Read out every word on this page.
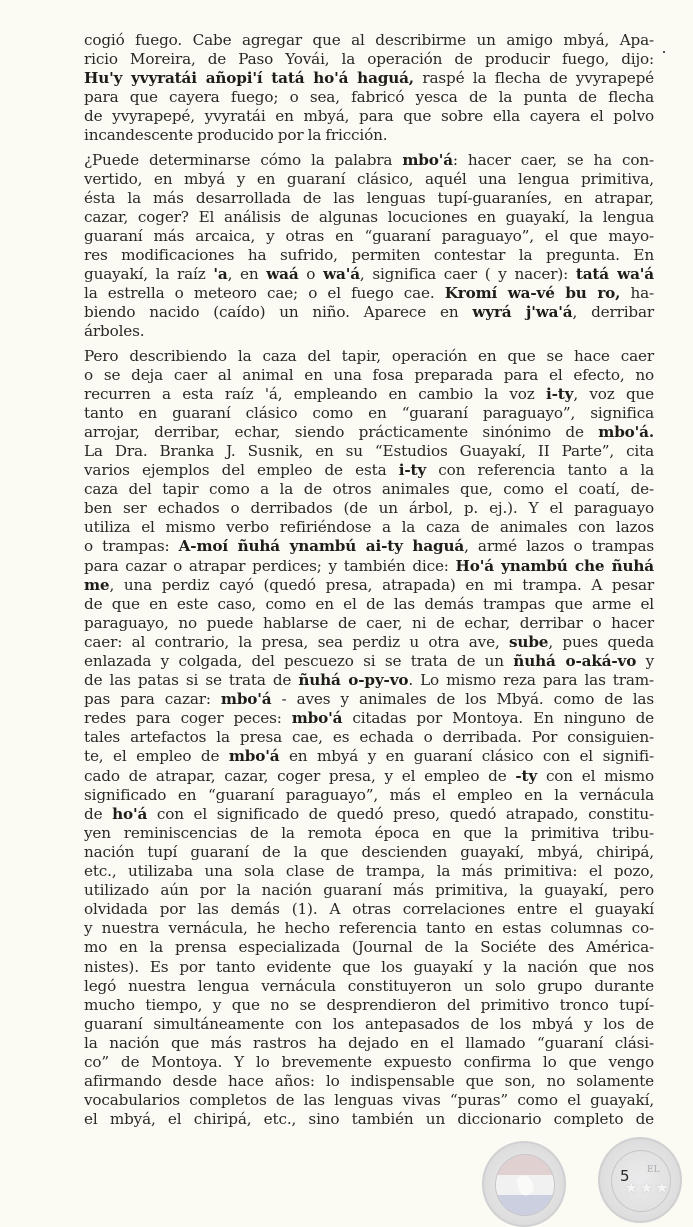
cogió fuego. Cabe agregar que al describirme un amigo mbyá, Apa-
ricio Moreira, de Paso Yovái, la operación de producir fuego, dijo:
Hu'y yvyratái añopi'í tatá ho'á haguá, raspé la flecha de yvyrapepé
para que cayera fuego; o sea, fabricó yesca de la punta de flecha
de yvyrapepé, yvyratái en mbyá, para que sobre ella cayera el polvo
incandescente producido por la fricción.
¿Puede determinarse cómo la palabra mbo'á: hacer caer, se ha con-
vertido, en mbyá y en guaraní clásico, aquél una lengua primitiva,
ésta la más desarrollada de las lenguas tupí-guaraníes, en atrapar,
cazar, coger? El análisis de algunas locuciones en guayakí, la lengua
guaraní más arcaica, y otras en “guaraní paraguayo”, el que mayo-
res modificaciones ha sufrido, permiten contestar la pregunta. En
guayakí, la raíz 'a, en waá o wa'á, significa caer ( y nacer): tatá wa'á
la estrella o meteoro cae; o el fuego cae. Kromí wa-vé bu ro, ha-
biendo nacido (caído) un niño. Aparece en wyrá j'wa'á, derribar
árboles.
Pero describiendo la caza del tapir, operación en que se hace caer
o se deja caer al animal en una fosa preparada para el efecto, no
recurren a esta raíz 'á, empleando en cambio la voz i-ty, voz que
tanto en guaraní clásico como en “guaraní paraguayo”, significa
arrojar, derribar, echar, siendo prácticamente sinónimo de mbo'á.
La Dra. Branka J. Susnik, en su “Estudios Guayakí, II Parte”, cita
varios ejemplos del empleo de esta i-ty con referencia tanto a la
caza del tapir como a la de otros animales que, como el coatí, de-
ben ser echados o derribados (de un árbol, p. ej.). Y el paraguayo
utiliza el mismo verbo refiriéndose a la caza de animales con lazos
o trampas: A-moí ñuhá ynambú ai-ty haguá, armé lazos o trampas
para cazar o atrapar perdices; y también dice: Ho'á ynambú che ñuhá
me, una perdiz cayó (quedó presa, atrapada) en mi trampa. A pesar
de que en este caso, como en el de las demás trampas que arme el
paraguayo, no puede hablarse de caer, ni de echar, derribar o hacer
caer: al contrario, la presa, sea perdiz u otra ave, sube, pues queda
enlazada y colgada, del pescuezo si se trata de un ñuhá o-aká-vo y
de las patas si se trata de ñuhá o-py-vo. Lo mismo reza para las tram-
pas para cazar: mbo'á - aves y animales de los Mbyá. como de las
redes para coger peces: mbo'á citadas por Montoya. En ninguno de
tales artefactos la presa cae, es echada o derribada. Por consiguien-
te, el empleo de mbo'á en mbyá y en guaraní clásico con el signifi-
cado de atrapar, cazar, coger presa, y el empleo de -ty con el mismo
significado en “guaraní paraguayo”, más el empleo en la vernácula
de ho'á con el significado de quedó preso, quedó atrapado, constitu-
yen reminiscencias de la remota época en que la primitiva tribu-
nación tupí guaraní de la que descienden guayakí, mbyá, chiripá,
etc., utilizaba una sola clase de trampa, la más primitiva: el pozo,
utilizado aún por la nación guaraní más primitiva, la guayakí, pero
olvidada por las demás (1). A otras correlaciones entre el guayakí
y nuestra vernácula, he hecho referencia tanto en estas columnas co-
mo en la prensa especializada (Journal de la Sociéte des Américа-
nistes). Es por tanto evidente que los guayakí y la nación que nos
legó nuestra lengua vernácula constituyeron un solo grupo durante
mucho tiempo, y que no se desprendieron del primitivo tronco tupí-
guaraní simultáneamente con los antepasados de los mbyá y los de
la nación que más rastros ha dejado en el llamado “guaraní clási-
co” de Montoya. Y lo brevemente expuesto confirma lo que vengo
afirmando desde hace años: lo indispensable que son, no solamente
vocabularios completos de las lenguas vivas “puras” como el guayakí,
el mbyá, el chiripá, etc., sino también un diccionario completo de
EL
★★★
5
